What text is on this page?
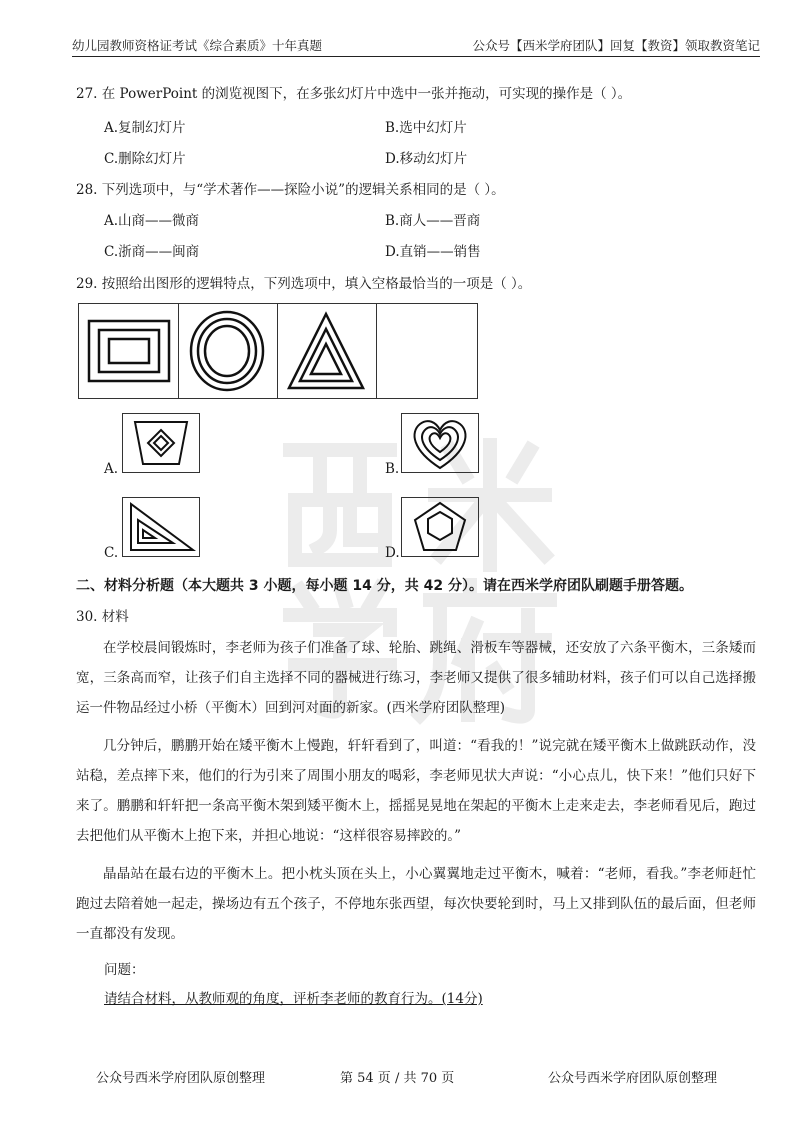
幼儿园教师资格证考试《综合素质》十年真题	公众号【西米学府团队】回复【教资】领取教资笔记
27. 在 PowerPoint 的浏览视图下，在多张幻灯片中选中一张并拖动，可实现的操作是（ ）。
A.复制幻灯片	B.选中幻灯片
C.删除幻灯片	D.移动幻灯片
28. 下列选项中，与“学术著作——探险小说”的逻辑关系相同的是（ ）。
A.山商——微商	B.商人——晋商
C.浙商——闽商	D.直销——销售
29. 按照给出图形的逻辑特点，下列选项中，填入空格最恰当的一项是（ ）。
A.	B.
C.	D.
二、材料分析题（本大题共 3 小题，每小题 14 分，共 42 分）。请在西米学府团队刷题手册答题。
30. 材料
在学校晨间锻炼时，李老师为孩子们准备了球、轮胎、跳绳、滑板车等器械，还安放了六条平衡木，三条矮而宽，三条高而窄，让孩子们自主选择不同的器械进行练习，李老师又提供了很多辅助材料，孩子们可以自己选择搬运一件物品经过小桥（平衡木）回到河对面的新家。(西米学府团队整理)
几分钟后，鹏鹏开始在矮平衡木上慢跑，轩轩看到了，叫道：“看我的！”说完就在矮平衡木上做跳跃动作，没站稳，差点摔下来，他们的行为引来了周围小朋友的喝彩，李老师见状大声说：“小心点儿，快下来！”他们只好下来了。鹏鹏和轩轩把一条高平衡木架到矮平衡木上，摇摇晃晃地在架起的平衡木上走来走去，李老师看见后，跑过去把他们从平衡木上抱下来，并担心地说：“这样很容易摔跤的。”
晶晶站在最右边的平衡木上。把小枕头顶在头上，小心翼翼地走过平衡木，喊着：“老师，看我。”李老师赶忙跑过去陪着她一起走，操场边有五个孩子，不停地东张西望，每次快要轮到时，马上又排到队伍的最后面，但老师一直都没有发现。
问题：
请结合材料，从教师观的角度，评析李老师的教育行为。(14分)
公众号西米学府团队原创整理	第 54 页 / 共 70 页	公众号西米学府团队原创整理
